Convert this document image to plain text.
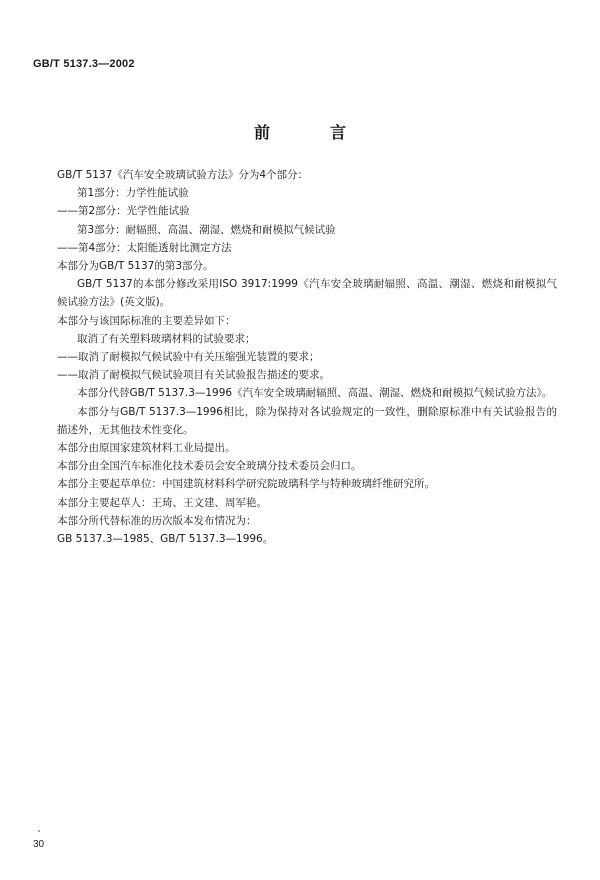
GB/T 5137.3—2002
前　言
GB/T 5137《汽车安全玻璃试验方法》分为4个部分：
第1部分：力学性能试验
——第2部分：光学性能试验
第3部分：耐辐照、高温、潮湿、燃烧和耐模拟气候试验
——第4部分：太阳能透射比测定方法
本部分为GB/T 5137的第3部分。
GB/T 5137的本部分修改采用ISO 3917:1999《汽车安全玻璃耐辐照、高温、潮湿、燃烧和耐模拟气候试验方法》(英文版)。
本部分与该国际标准的主要差异如下：
取消了有关塑料玻璃材料的试验要求；
——取消了耐模拟气候试验中有关压缩强光装置的要求；
——取消了耐模拟气候试验项目有关试验报告描述的要求。
本部分代替GB/T 5137.3—1996《汽车安全玻璃耐辐照、高温、潮湿、燃烧和耐模拟气候试验方法》。
本部分与GB/T 5137.3—1996相比，除为保持对各试验规定的一致性，删除原标准中有关试验报告的描述外，无其他技术性变化。
本部分由原国家建筑材料工业局提出。
本部分由全国汽车标准化技术委员会安全玻璃分技术委员会归口。
本部分主要起草单位：中国建筑材料科学研究院玻璃科学与特种玻璃纤维研究所。
本部分主要起草人：王琦、王文建、周军艳。
本部分所代替标准的历次版本发布情况为：
GB 5137.3—1985、GB/T 5137.3—1996。
30
